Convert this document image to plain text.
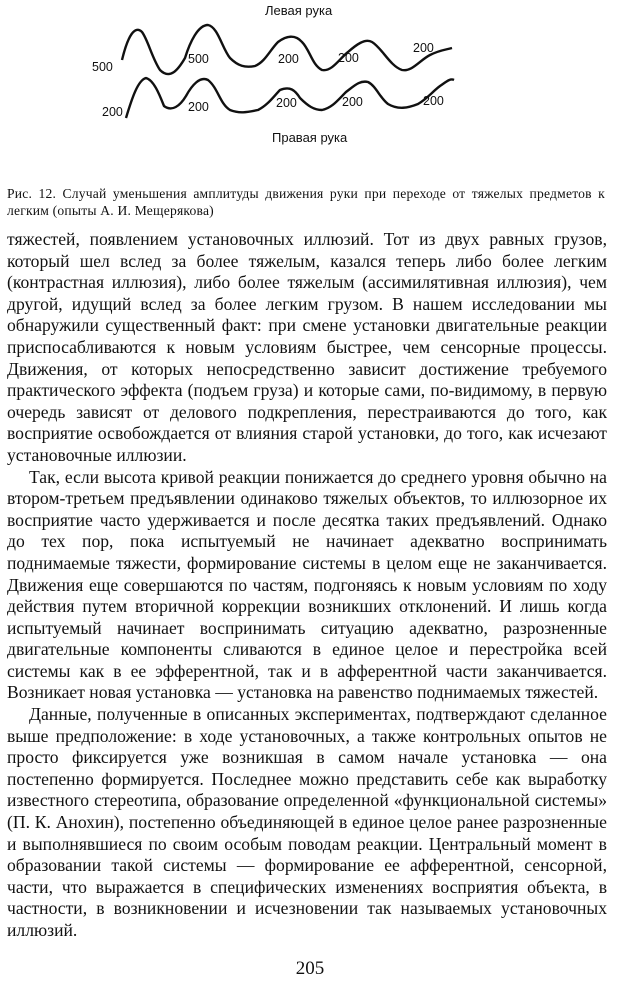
Левая рука
Правая рука
500
200
500	200	200
200
200	200	200	200

Рис. 12. Случай уменьшения амплитуды движения руки при переходе от тяжелых предметов к легким (опыты А. И. Мещерякова)

тяжестей, появлением установочных иллюзий. Тот из двух равных грузов, который шел вслед за более тяжелым, казался теперь либо более легким (контрастная иллюзия), либо более тяжелым (ассимилятивная иллюзия), чем другой, идущий вслед за более легким грузом. В нашем исследовании мы обнаружили существенный факт: при смене установки двигательные реакции приспосабливаются к новым условиям быстрее, чем сенсорные процессы. Движения, от которых непосредственно зависит достижение требуемого практического эффекта (подъем груза) и которые сами, по-видимому, в первую очередь зависят от делового подкрепления, перестраиваются до того, как восприятие освобождается от влияния старой установки, до того, как исчезают установочные иллюзии.

Так, если высота кривой реакции понижается до среднего уровня обычно на втором-третьем предъявлении одинаково тяжелых объектов, то иллюзорное их восприятие часто удерживается и после десятка таких предъявлений. Однако до тех пор, пока испытуемый не начинает адекватно воспринимать поднимаемые тяжести, формирование системы в целом еще не заканчивается. Движения еще совершаются по частям, подгоняясь к новым условиям по ходу действия путем вторичной коррекции возникших отклонений. И лишь когда испытуемый начинает воспринимать ситуацию адекватно, разрозненные двигательные компоненты сливаются в единое целое и перестройка всей системы как в ее эфферентной, так и в афферентной части заканчивается. Возникает новая установка — установка на равенство поднимаемых тяжестей.

Данные, полученные в описанных экспериментах, подтверждают сделанное выше предположение: в ходе установочных, а также контрольных опытов не просто фиксируется уже возникшая в самом начале установка — она постепенно формируется. Последнее можно представить себе как выработку известного стереотипа, образование определенной «функциональной системы» (П. К. Анохин), постепенно объединяющей в единое целое ранее разрозненные и выполнявшиеся по своим особым поводам реакции. Центральный момент в образовании такой системы — формирование ее афферентной, сенсорной, части, что выражается в специфических изменениях восприятия объекта, в частности, в возникновении и исчезновении так называемых установочных иллюзий.

205
